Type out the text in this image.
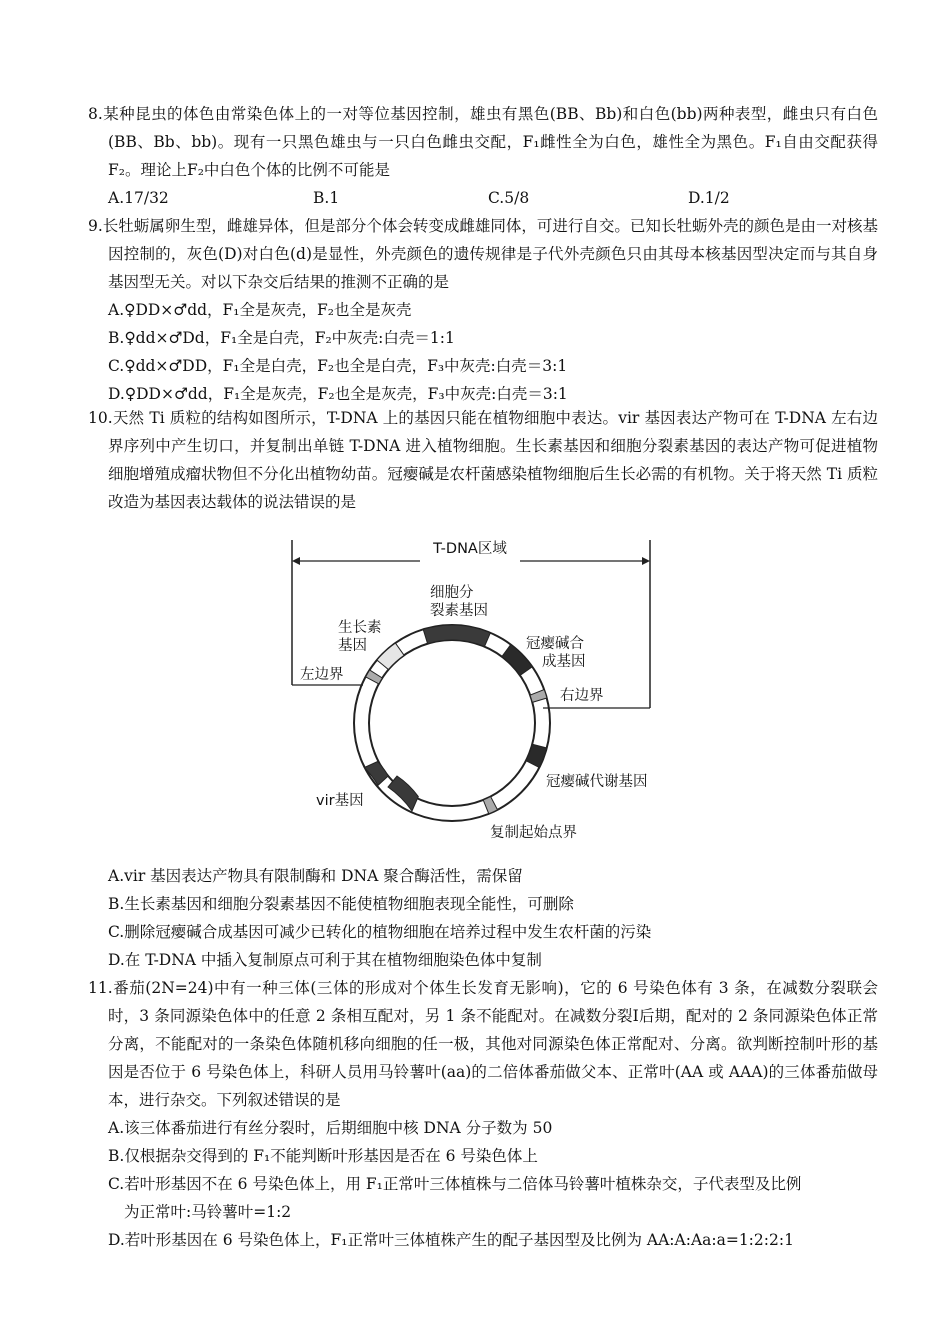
8.某种昆虫的体色由常染色体上的一对等位基因控制，雄虫有黑色(BB、Bb)和白色(bb)两种表型，雌虫只有白色(BB、Bb、bb)。现有一只黑色雄虫与一只白色雌虫交配，F₁雌性全为白色，雄性全为黑色。F₁自由交配获得F₂。理论上F₂中白色个体的比例不可能是
A.17/32	B.1	C.5/8	D.1/2
9.长牡蛎属卵生型，雌雄异体，但是部分个体会转变成雌雄同体，可进行自交。已知长牡蛎外壳的颜色是由一对核基因控制的，灰色(D)对白色(d)是显性，外壳颜色的遗传规律是子代外壳颜色只由其母本核基因型决定而与其自身基因型无关。对以下杂交后结果的推测不正确的是
A.♀DD×♂dd，F₁全是灰壳，F₂也全是灰壳
B.♀dd×♂Dd，F₁全是白壳，F₂中灰壳:白壳＝1:1
C.♀dd×♂DD，F₁全是白壳，F₂也全是白壳，F₃中灰壳:白壳＝3:1
D.♀DD×♂dd，F₁全是灰壳，F₂也全是灰壳，F₃中灰壳:白壳＝3:1
10.天然 Ti 质粒的结构如图所示，T-DNA 上的基因只能在植物细胞中表达。vir 基因表达产物可在 T-DNA 左右边界序列中产生切口，并复制出单链 T-DNA 进入植物细胞。生长素基因和细胞分裂素基因的表达产物可促进植物细胞增殖成瘤状物但不分化出植物幼苗。冠瘿碱是农杆菌感染植物细胞后生长必需的有机物。关于将天然 Ti 质粒改造为基因表达载体的说法错误的是
T-DNA区域
细胞分
裂素基因
生长素
基因	冠瘿碱合
成基因
左边界
右边界
冠瘿碱代谢基因
vir基因
复制起始点界
A.vir 基因表达产物具有限制酶和 DNA 聚合酶活性，需保留
B.生长素基因和细胞分裂素基因不能使植物细胞表现全能性，可删除
C.删除冠瘿碱合成基因可减少已转化的植物细胞在培养过程中发生农杆菌的污染
D.在 T-DNA 中插入复制原点可利于其在植物细胞染色体中复制
11.番茄(2N=24)中有一种三体(三体的形成对个体生长发育无影响)，它的 6 号染色体有 3 条，在减数分裂联会时，3 条同源染色体中的任意 2 条相互配对，另 1 条不能配对。在减数分裂Ⅰ后期，配对的 2 条同源染色体正常分离，不能配对的一条染色体随机移向细胞的任一极，其他对同源染色体正常配对、分离。欲判断控制叶形的基因是否位于 6 号染色体上，科研人员用马铃薯叶(aa)的二倍体番茄做父本、正常叶(AA 或 AAA)的三体番茄做母本，进行杂交。下列叙述错误的是
A.该三体番茄进行有丝分裂时，后期细胞中核 DNA 分子数为 50
B.仅根据杂交得到的 F₁不能判断叶形基因是否在 6 号染色体上
C.若叶形基因不在 6 号染色体上，用 F₁正常叶三体植株与二倍体马铃薯叶植株杂交，子代表型及比例
为正常叶:马铃薯叶=1:2
D.若叶形基因在 6 号染色体上，F₁正常叶三体植株产生的配子基因型及比例为 AA:A:Aa:a=1:2:2:1
